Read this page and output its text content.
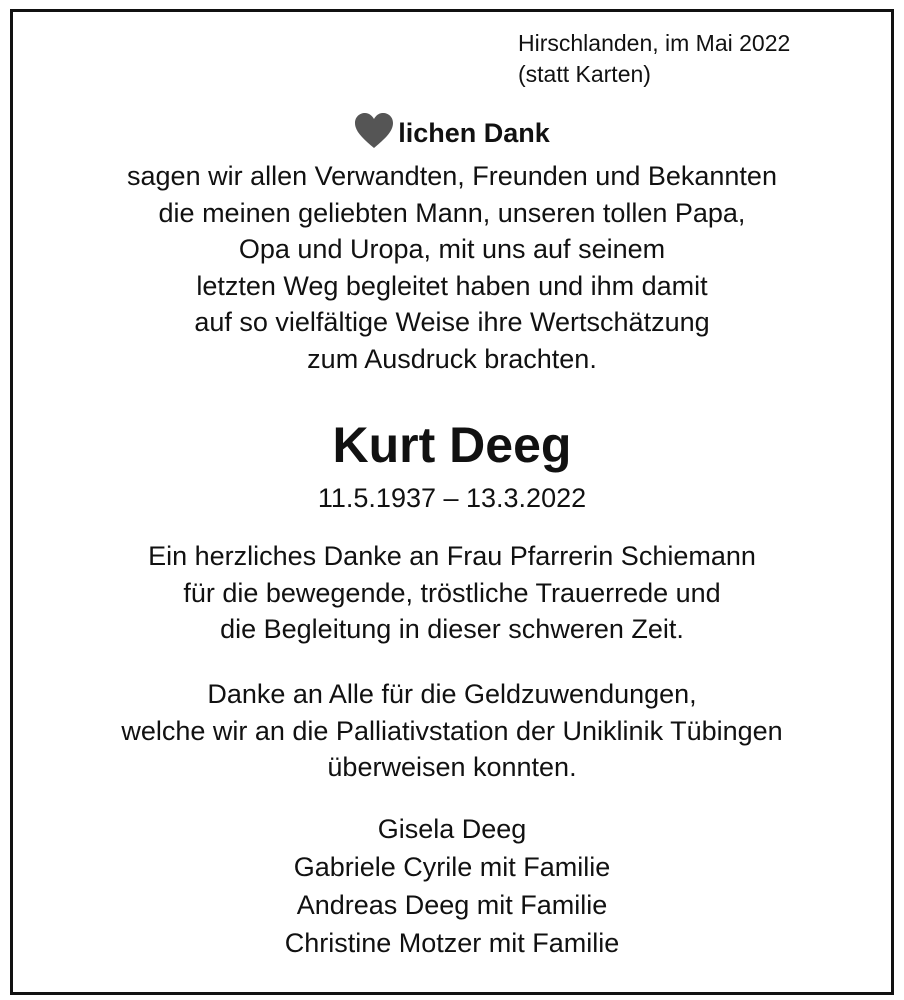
Hirschlanden, im Mai 2022
(statt Karten)
lichen Dank
sagen wir allen Verwandten, Freunden und Bekannten
die meinen geliebten Mann, unseren tollen Papa,
Opa und Uropa, mit uns auf seinem
letzten Weg begleitet haben und ihm damit
auf so vielfältige Weise ihre Wertschätzung
zum Ausdruck brachten.
Kurt Deeg
11.5.1937 – 13.3.2022
Ein herzliches Danke an Frau Pfarrerin Schiemann
für die bewegende, tröstliche Trauerrede und
die Begleitung in dieser schweren Zeit.
Danke an Alle für die Geldzuwendungen,
welche wir an die Palliativstation der Uniklinik Tübingen
überweisen konnten.
Gisela Deeg
Gabriele Cyrile mit Familie
Andreas Deeg mit Familie
Christine Motzer mit Familie
